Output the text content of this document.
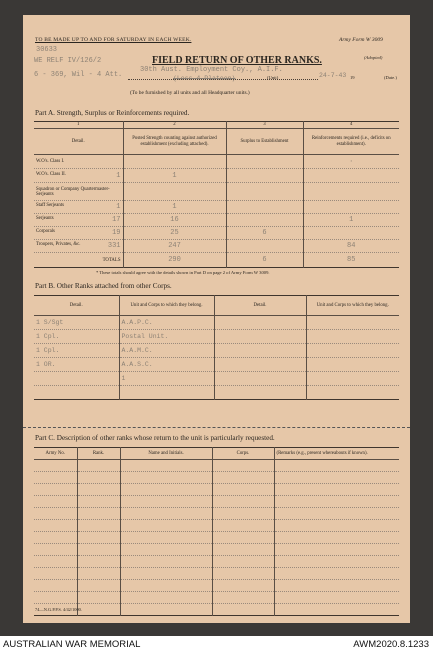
TO BE MADE UP TO AND FOR SATURDAY IN EACH WEEK.	Army Form W 3009
30633
WE RELF IV/126/2	FIELD RETURN OF OTHER RANKS.	(Adopted)
6 - 369, Wil - 4 Att.
30th Aust. Employment Coy., A.I.F.
(Less 4 Platoon)	(Unit)	24-7-43 19	(Date.)
(To be furnished by all units and all Headquarter units.)
Part A. Strength, Surplus or Reinforcements required.
1	2	3	4
Detail.	Posted Strength counting against authorized establishment (excluding attached).	Surplus to Establishment	Reinforcements required (i.e., deficits on establishment).
W.O's. Class I.			·
W.O's. Class II. 1	1		
Squadron or Company Quartermaster-Serjeants			
Staff Serjeants 1	1		
Serjeants 17	16		1
Corporals 19	25	6	
Troopers, Privates, &c. 331	247		84
TOTALS	290	6	85
* These totals should agree with the details shown in Part D on page 2 of Army Form W 3009.
Part B. Other Ranks attached from other Corps.
Detail.	Unit and Corps to which they belong.	Detail.	Unit and Corps to which they belong.
1 S/Sgt	A.A.P.C.		
1 Cpl.	Postal Unit.		
1 Cpl.	A.A.M.C.		
1 OR.	A.A.S.C.		
	1		

Part C. Description of other ranks whose return to the unit is particularly requested.
Army No.	Rank.	Name and Initials.	Corps.	(Remarks (e.g., present whereabouts if known).

74—N.G.P.P.S. 4/42/1000.
AUSTRALIAN WAR MEMORIAL	AWM2020.8.1233
